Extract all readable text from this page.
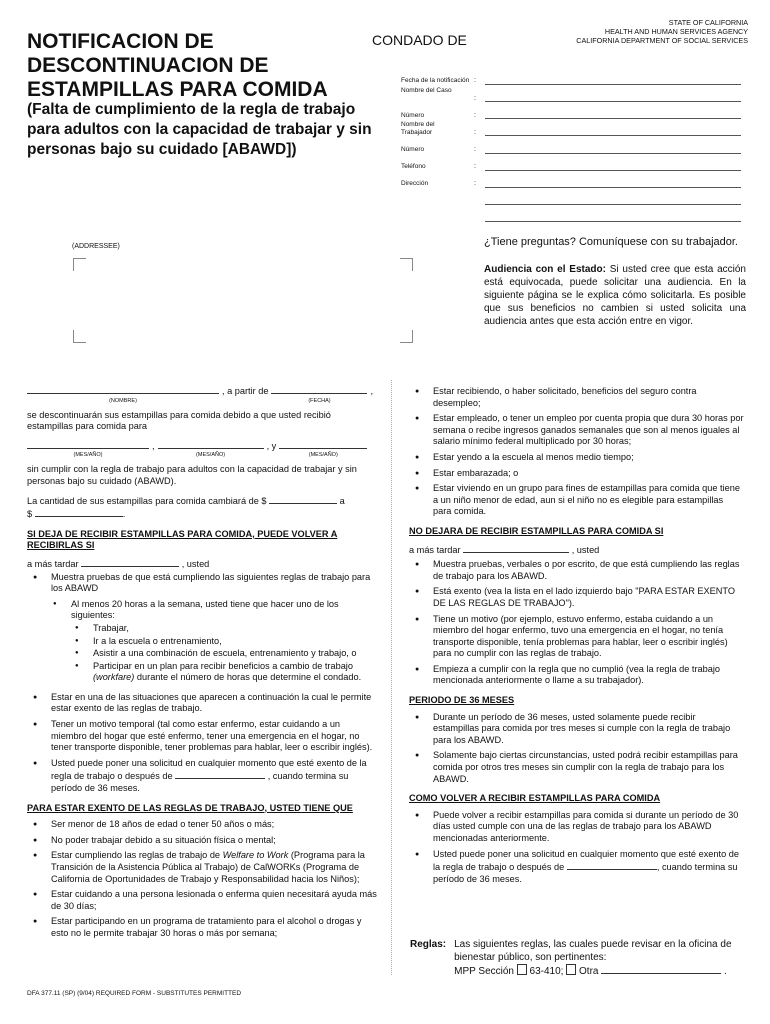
NOTIFICACION DE DESCONTINUACION DE ESTAMPILLAS PARA COMIDA
(Falta de cumplimiento de la regla de trabajo para adultos con la capacidad de trabajar y sin personas bajo su cuidado [ABAWD])
CONDADO DE
STATE OF CALIFORNIA
HEALTH AND HUMAN SERVICES AGENCY
CALIFORNIA DEPARTMENT OF SOCIAL SERVICES
Fecha de la notificación :
Nombre del Caso
:
Número	:
Nombre del Trabajador	:
Número	:
Teléfono	:
Dirección	:
(ADDRESSEE)	¿Tiene preguntas? Comuníquese con su trabajador.
Audiencia con el Estado: Si usted cree que esta acción está equivocada, puede solicitar una audiencia. En la siguiente página se le explica cómo solicitarla. Es posible que sus beneficios no cambien si usted solicita una audiencia antes que esta acción entre en vigor.
(NOMBRE)
, a partir de
(FECHA)
,

se descontinuarán sus estampillas para comida debido a que usted recibió estampillas para comida para

(MES/AÑO)
,
(MES/AÑO)
, y
(MES/AÑO)

sin cumplir con la regla de trabajo para adultos con la capacidad de trabajar y sin personas bajo su cuidado (ABAWD).

La cantidad de sus estampillas para comida cambiará de $	a
$	.

SI DEJA DE RECIBIR ESTAMPILLAS PARA COMIDA, PUEDE VOLVER A RECIBIRLAS SI
a más tardar	, usted
● Muestra pruebas de que está cumpliendo las siguientes reglas de trabajo para los ABAWD
● Al menos 20 horas a la semana, usted tiene que hacer uno de los siguientes:
● Trabajar,
● Ir a la escuela o entrenamiento,
● Asistir a una combinación de escuela, entrenamiento y trabajo, o
● Participar en un plan para recibir beneficios a cambio de trabajo (workfare) durante el número de horas que determine el condado.
● Estar en una de las situaciones que aparecen a continuación la cual le permite estar exento de las reglas de trabajo.
● Tener un motivo temporal (tal como estar enfermo, estar cuidando a un miembro del hogar que esté enfermo, tener una emergencia en el hogar, no tener transporte disponible, tener problemas para hablar, leer o escribir inglés).
● Usted puede poner una solicitud en cualquier momento que esté exento de la regla de trabajo o después de	, cuando termina su período de 36 meses.
PARA ESTAR EXENTO DE LAS REGLAS DE TRABAJO, USTED TIENE QUE
● Ser menor de 18 años de edad o tener 50 años o más;
● No poder trabajar debido a su situación física o mental;
● Estar cumpliendo las reglas de trabajo de Welfare to Work (Programa para la Transición de la Asistencia Pública al Trabajo) de CalWORKs (Programa de California de Oportunidades de Trabajo y Responsabilidad hacia los Niños);
● Estar cuidando a una persona lesionada o enferma quien necesitará ayuda más de 30 días;
● Estar participando en un programa de tratamiento para el alcohol o drogas y esto no le permite trabajar 30 horas o más por semana;
● Estar recibiendo, o haber solicitado, beneficios del seguro contra desempleo;
● Estar empleado, o tener un empleo por cuenta propia que dura 30 horas por semana o recibe ingresos ganados semanales que son al menos iguales al salario mínimo federal multiplicado por 30 horas;
● Estar yendo a la escuela al menos medio tiempo;
● Estar embarazada; o
● Estar viviendo en un grupo para fines de estampillas para comida que tiene a un niño menor de edad, aun si el niño no es elegible para estampillas para comida.
NO DEJARA DE RECIBIR ESTAMPILLAS PARA COMIDA SI
a más tardar	, usted
● Muestra pruebas, verbales o por escrito, de que está cumpliendo las reglas de trabajo para los ABAWD.
● Está exento (vea la lista en el lado izquierdo bajo "PARA ESTAR EXENTO DE LAS REGLAS DE TRABAJO").
● Tiene un motivo (por ejemplo, estuvo enfermo, estaba cuidando a un miembro del hogar enfermo, tuvo una emergencia en el hogar, no tenía transporte disponible, tenía problemas para hablar, leer o escribir inglés) para no cumplir con las reglas de trabajo.
● Empieza a cumplir con la regla que no cumplió (vea la regla de trabajo mencionada anteriormente o llame a su trabajador).
PERIODO DE 36 MESES
● Durante un período de 36 meses, usted solamente puede recibir estampillas para comida por tres meses si cumple con la regla de trabajo para los ABAWD.
● Solamente bajo ciertas circunstancias, usted podrá recibir estampillas para comida por otros tres meses sin cumplir con la regla de trabajo para los ABAWD.
COMO VOLVER A RECIBIR ESTAMPILLAS PARA COMIDA
● Puede volver a recibir estampillas para comida si durante un período de 30 días usted cumple con una de las reglas de trabajo para los ABAWD mencionadas anteriormente.
● Usted puede poner una solicitud en cualquier momento que esté exento de la regla de trabajo o después de	, cuando termina su período de 36 meses.
Reglas: Las siguientes reglas, las cuales puede revisar en la oficina de bienestar público, son pertinentes:
MPP Sección 63-410; Otra	.
DFA 377.11 (SP) (9/04) REQUIRED FORM - SUBSTITUTES PERMITTED
